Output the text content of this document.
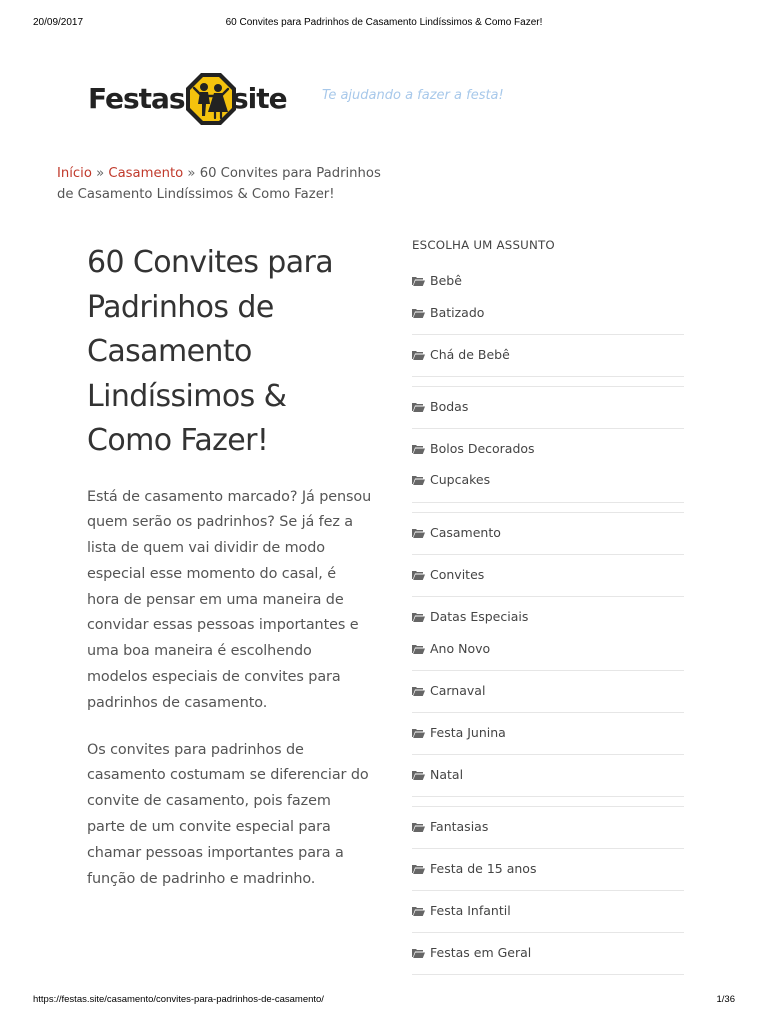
20/09/2017	60 Convites para Padrinhos de Casamento Lindíssimos & Como Fazer!
Festas site	Te ajudando a fazer a festa!
Início » Casamento » 60 Convites para Padrinhos de Casamento Lindíssimos & Como Fazer!
60 Convites para Padrinhos de Casamento Lindíssimos & Como Fazer!

Está de casamento marcado? Já pensou quem serão os padrinhos? Se já fez a lista de quem vai dividir de modo especial esse momento do casal, é hora de pensar em uma maneira de convidar essas pessoas importantes e uma boa maneira é escolhendo modelos especiais de convites para padrinhos de casamento.

Os convites para padrinhos de casamento costumam se diferenciar do convite de casamento, pois fazem parte de um convite especial para chamar pessoas importantes para a função de padrinho e madrinho.

ESCOLHA UM ASSUNTO
Bebê
Batizado
Chá de Bebê
Bodas
Bolos Decorados
Cupcakes
Casamento
Convites
Datas Especiais
Ano Novo
Carnaval
Festa Junina
Natal
Fantasias
Festa de 15 anos
Festa Infantil
Festas em Geral
https://festas.site/casamento/convites-para-padrinhos-de-casamento/	1/36
